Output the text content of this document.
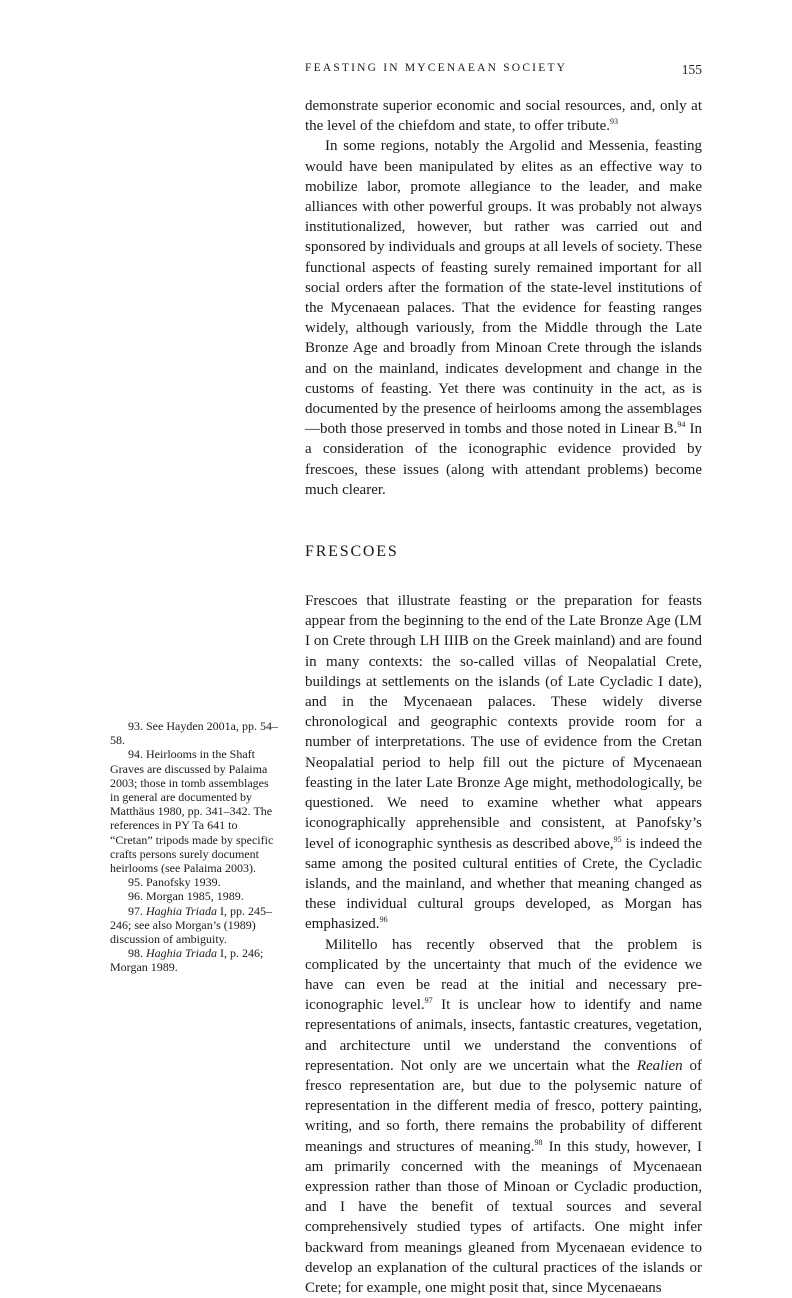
FEASTING IN MYCENAEAN SOCIETY	155

demonstrate superior economic and social resources, and, only at the level of the chiefdom and state, to offer tribute.$^{93}$

In some regions, notably the Argolid and Messenia, feasting would have been manipulated by elites as an effective way to mobilize labor, promote allegiance to the leader, and make alliances with other powerful groups. It was probably not always institutionalized, however, but rather was carried out and sponsored by individuals and groups at all levels of society. These functional aspects of feasting surely remained important for all social orders after the formation of the state-level institutions of the Mycenaean palaces. That the evidence for feasting ranges widely, although variously, from the Middle through the Late Bronze Age and broadly from Minoan Crete through the islands and on the mainland, indicates development and change in the customs of feasting. Yet there was continuity in the act, as is documented by the presence of heirlooms among the assemblages—both those preserved in tombs and those noted in Linear B.$^{94}$ In a consideration of the iconographic evidence provided by frescoes, these issues (along with attendant problems) become much clearer.

FRESCOES

Frescoes that illustrate feasting or the preparation for feasts appear from the beginning to the end of the Late Bronze Age (LM I on Crete through LH IIIB on the Greek mainland) and are found in many contexts: the so-called villas of Neopalatial Crete, buildings at settlements on the islands (of Late Cycladic I date), and in the Mycenaean palaces. These widely diverse chronological and geographic contexts provide room for a number of interpretations. The use of evidence from the Cretan Neopalatial period to help fill out the picture of Mycenaean feasting in the later Late Bronze Age might, methodologically, be questioned. We need to examine whether what appears iconographically apprehensible and consistent, at Panofsky’s level of iconographic synthesis as described above,$^{95}$ is indeed the same among the posited cultural entities of Crete, the Cycladic islands, and the mainland, and whether that meaning changed as these individual cultural groups developed, as Morgan has emphasized.$^{96}$

Militello has recently observed that the problem is complicated by the uncertainty that much of the evidence we have can even be read at the initial and necessary pre-iconographic level.$^{97}$ It is unclear how to identify and name representations of animals, insects, fantastic creatures, vegetation, and architecture until we understand the conventions of representation. Not only are we uncertain what the Realien of fresco representation are, but due to the polysemic nature of representation in the different media of fresco, pottery painting, writing, and so forth, there remains the probability of different meanings and structures of meaning.$^{98}$ In this study, however, I am primarily concerned with the meanings of Mycenaean expression rather than those of Minoan or Cycladic production, and I have the benefit of textual sources and several comprehensively studied types of artifacts. One might infer backward from meanings gleaned from Mycenaean evidence to develop an explanation of the cultural practices of the islands or Crete; for example, one might posit that, since Mycenaeans

93. See Hayden 2001a, pp. 54–58.

94. Heirlooms in the Shaft Graves are discussed by Palaima 2003; those in tomb assemblages in general are documented by Matthäus 1980, pp. 341–342. The references in PY Ta 641 to “Cretan” tripods made by specific crafts persons surely document heirlooms (see Palaima 2003).

95. Panofsky 1939.

96. Morgan 1985, 1989.

97. Haghia Triada I, pp. 245–246; see also Morgan’s (1989) discussion of ambiguity.

98. Haghia Triada I, p. 246; Morgan 1989.
